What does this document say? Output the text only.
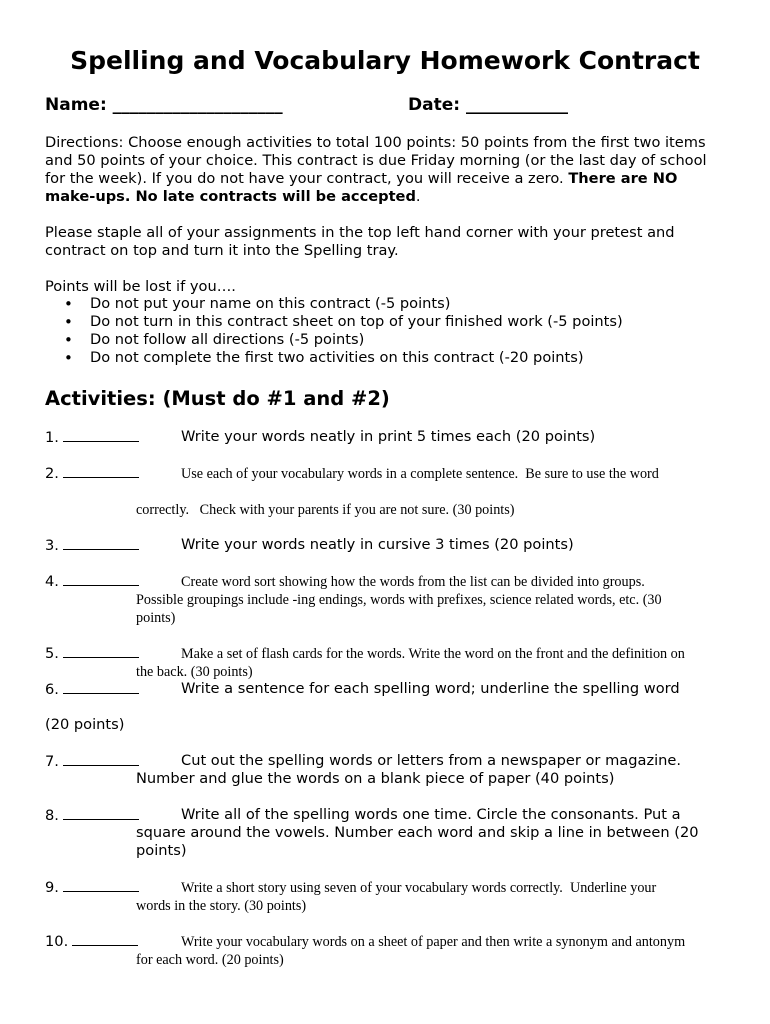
Spelling and Vocabulary Homework Contract
Name: ____________________	Date: ____________
Directions: Choose enough activities to total 100 points: 50 points from the first two items and 50 points of your choice. This contract is due Friday morning (or the last day of school for the week). If you do not have your contract, you will receive a zero. There are NO make-ups. No late contracts will be accepted.
Please staple all of your assignments in the top left hand corner with your pretest and
contract on top and turn it into the Spelling tray.
Points will be lost if you….
• Do not put your name on this contract (-5 points)
• Do not turn in this contract sheet on top of your finished work (-5 points)
• Do not follow all directions (-5 points)
• Do not complete the first two activities on this contract (-20 points)
Activities: (Must do #1 and #2)
1.	Write your words neatly in print 5 times each (20 points)
2.	Use each of your vocabulary words in a complete sentence.  Be sure to use the word
correctly.   Check with your parents if you are not sure. (30 points)
3.	Write your words neatly in cursive 3 times (20 points)
4.	Create word sort showing how the words from the list can be divided into groups.
Possible groupings include -ing endings, words with prefixes, science related words, etc. (30
points)
5.	Make a set of flash cards for the words. Write the word on the front and the definition on
the back. (30 points)
6.	Write a sentence for each spelling word; underline the spelling word
(20 points)
7.	Cut out the spelling words or letters from a newspaper or magazine.
Number and glue the words on a blank piece of paper (40 points)
8.	Write all of the spelling words one time. Circle the consonants. Put a
square around the vowels. Number each word and skip a line in between (20
points)
9.	Write a short story using seven of your vocabulary words correctly.  Underline your
words in the story. (30 points)
10.	Write your vocabulary words on a sheet of paper and then write a synonym and antonym
for each word. (20 points)
